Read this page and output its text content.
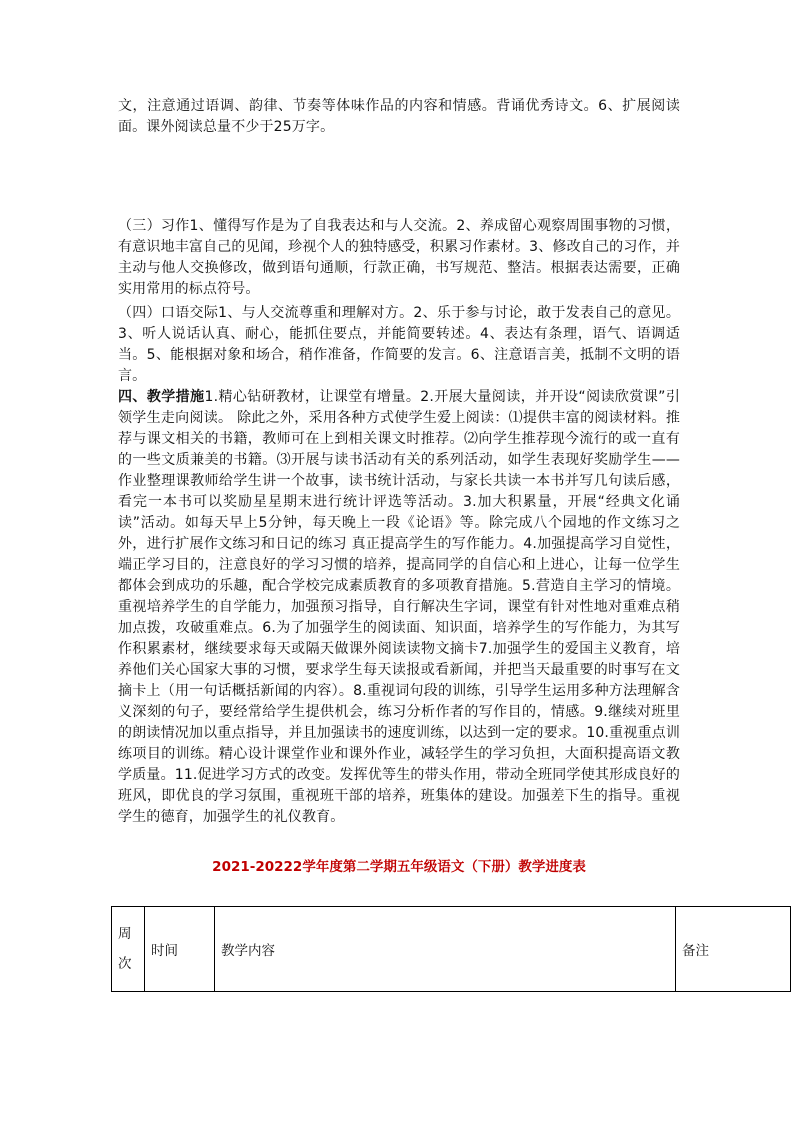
文，注意通过语调、韵律、节奏等体味作品的内容和情感。背诵优秀诗文。6、扩展阅读面。课外阅读总量不少于25万字。

（三）习作1、懂得写作是为了自我表达和与人交流。2、养成留心观察周围事物的习惯，有意识地丰富自己的见闻，珍视个人的独特感受，积累习作素材。3、修改自己的习作，并主动与他人交换修改，做到语句通顺，行款正确，书写规范、整洁。根据表达需要，正确实用常用的标点符号。

（四）口语交际1、与人交流尊重和理解对方。2、乐于参与讨论，敢于发表自己的意见。3、听人说话认真、耐心，能抓住要点，并能简要转述。4、表达有条理，语气、语调适当。5、能根据对象和场合，稍作准备，作简要的发言。6、注意语言美，抵制不文明的语言。

四、教学措施1.精心钻研教材，让课堂有增量。2.开展大量阅读，并开设“阅读欣赏课”引领学生走向阅读。 除此之外，采用各种方式使学生爱上阅读：⑴提供丰富的阅读材料。推荐与课文相关的书籍，教师可在上到相关课文时推荐。⑵向学生推荐现今流行的或一直有的一些文质兼美的书籍。⑶开展与读书活动有关的系列活动，如学生表现好奖励学生——作业整理课教师给学生讲一个故事，读书统计活动，与家长共读一本书并写几句读后感，看完一本书可以奖励星星期末进行统计评选等活动。3.加大积累量，开展“经典文化诵读”活动。如每天早上5分钟，每天晚上一段《论语》等。除完成八个园地的作文练习之外，进行扩展作文练习和日记的练习 真正提高学生的写作能力。4.加强提高学习自觉性，端正学习目的，注意良好的学习习惯的培养，提高同学的自信心和上进心，让每一位学生都体会到成功的乐趣，配合学校完成素质教育的多项教育措施。5.营造自主学习的情境。重视培养学生的自学能力，加强预习指导，自行解决生字词，课堂有针对性地对重难点稍加点拨，攻破重难点。6.为了加强学生的阅读面、知识面，培养学生的写作能力，为其写作积累素材，继续要求每天或隔天做课外阅读读物文摘卡7.加强学生的爱国主义教育，培养他们关心国家大事的习惯，要求学生每天读报或看新闻，并把当天最重要的时事写在文摘卡上（用一句话概括新闻的内容）。8.重视词句段的训练，引导学生运用多种方法理解含义深刻的句子，要经常给学生提供机会，练习分析作者的写作目的，情感。9.继续对班里的朗读情况加以重点指导，并且加强读书的速度训练，以达到一定的要求。10.重视重点训练项目的训练。精心设计课堂作业和课外作业，减轻学生的学习负担，大面积提高语文教学质量。11.促进学习方式的改变。发挥优等生的带头作用，带动全班同学使其形成良好的班风，即优良的学习氛围，重视班干部的培养，班集体的建设。加强差下生的指导。重视学生的德育，加强学生的礼仪教育。

2021-20222学年度第二学期五年级语文（下册）教学进度表

周次	时间	教学内容	备注
